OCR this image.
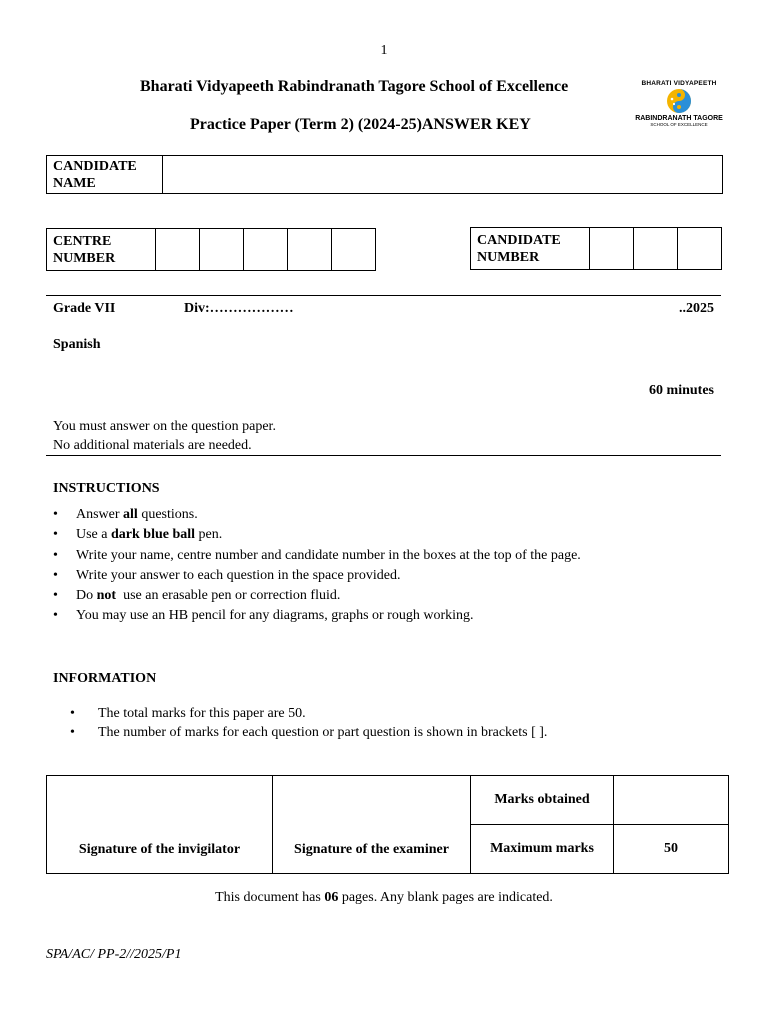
1
Bharati Vidyapeeth Rabindranath Tagore School of Excellence
Practice Paper (Term 2) (2024-25)ANSWER KEY
BHARATI VIDYAPEETH
RABINDRANATH TAGORE
SCHOOL OF EXCELLENCE
CANDIDATE
NAME	
CENTRE
NUMBER					
CANDIDATE
NUMBER			
Grade VII	Div:………………	..2025
Spanish
60 minutes
You must answer on the question paper.
No additional materials are needed.
INSTRUCTIONS
• Answer all questions.
• Use a dark blue ball pen.
• Write your name, centre number and candidate number in the boxes at the top of the page.
• Write your answer to each question in the space provided.
• Do not  use an erasable pen or correction fluid.
• You may use an HB pencil for any diagrams, graphs or rough working.
INFORMATION
• The total marks for this paper are 50.
• The number of marks for each question or part question is shown in brackets [ ].
Signature of the invigilator	Signature of the examiner	Marks obtained	
		Maximum marks	50
This document has 06 pages. Any blank pages are indicated.
SPA/AC/ PP-2//2025/P1
